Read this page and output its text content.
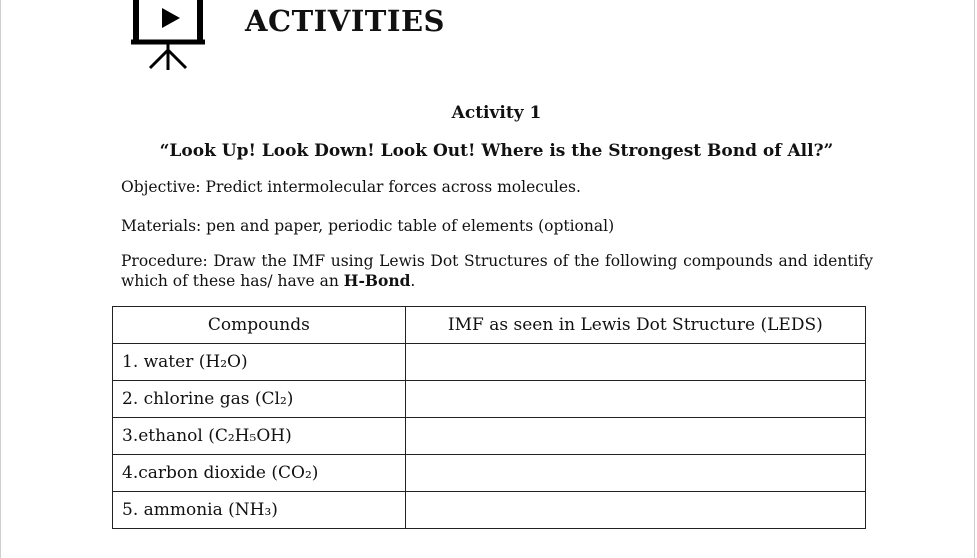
ACTIVITIES
Activity 1
“Look Up! Look Down! Look Out! Where is the Strongest Bond of All?”
Objective: Predict intermolecular forces across molecules.
Materials: pen and paper, periodic table of elements (optional)
Procedure: Draw the IMF using Lewis Dot Structures of the following compounds and identify which of these has/ have an H-Bond.
Compounds	IMF as seen in Lewis Dot Structure (LEDS)
1. water (H₂O)	
2. chlorine gas (Cl₂)	
3.ethanol (C₂H₅OH)	
4.carbon dioxide (CO₂)	
5. ammonia (NH₃)	
